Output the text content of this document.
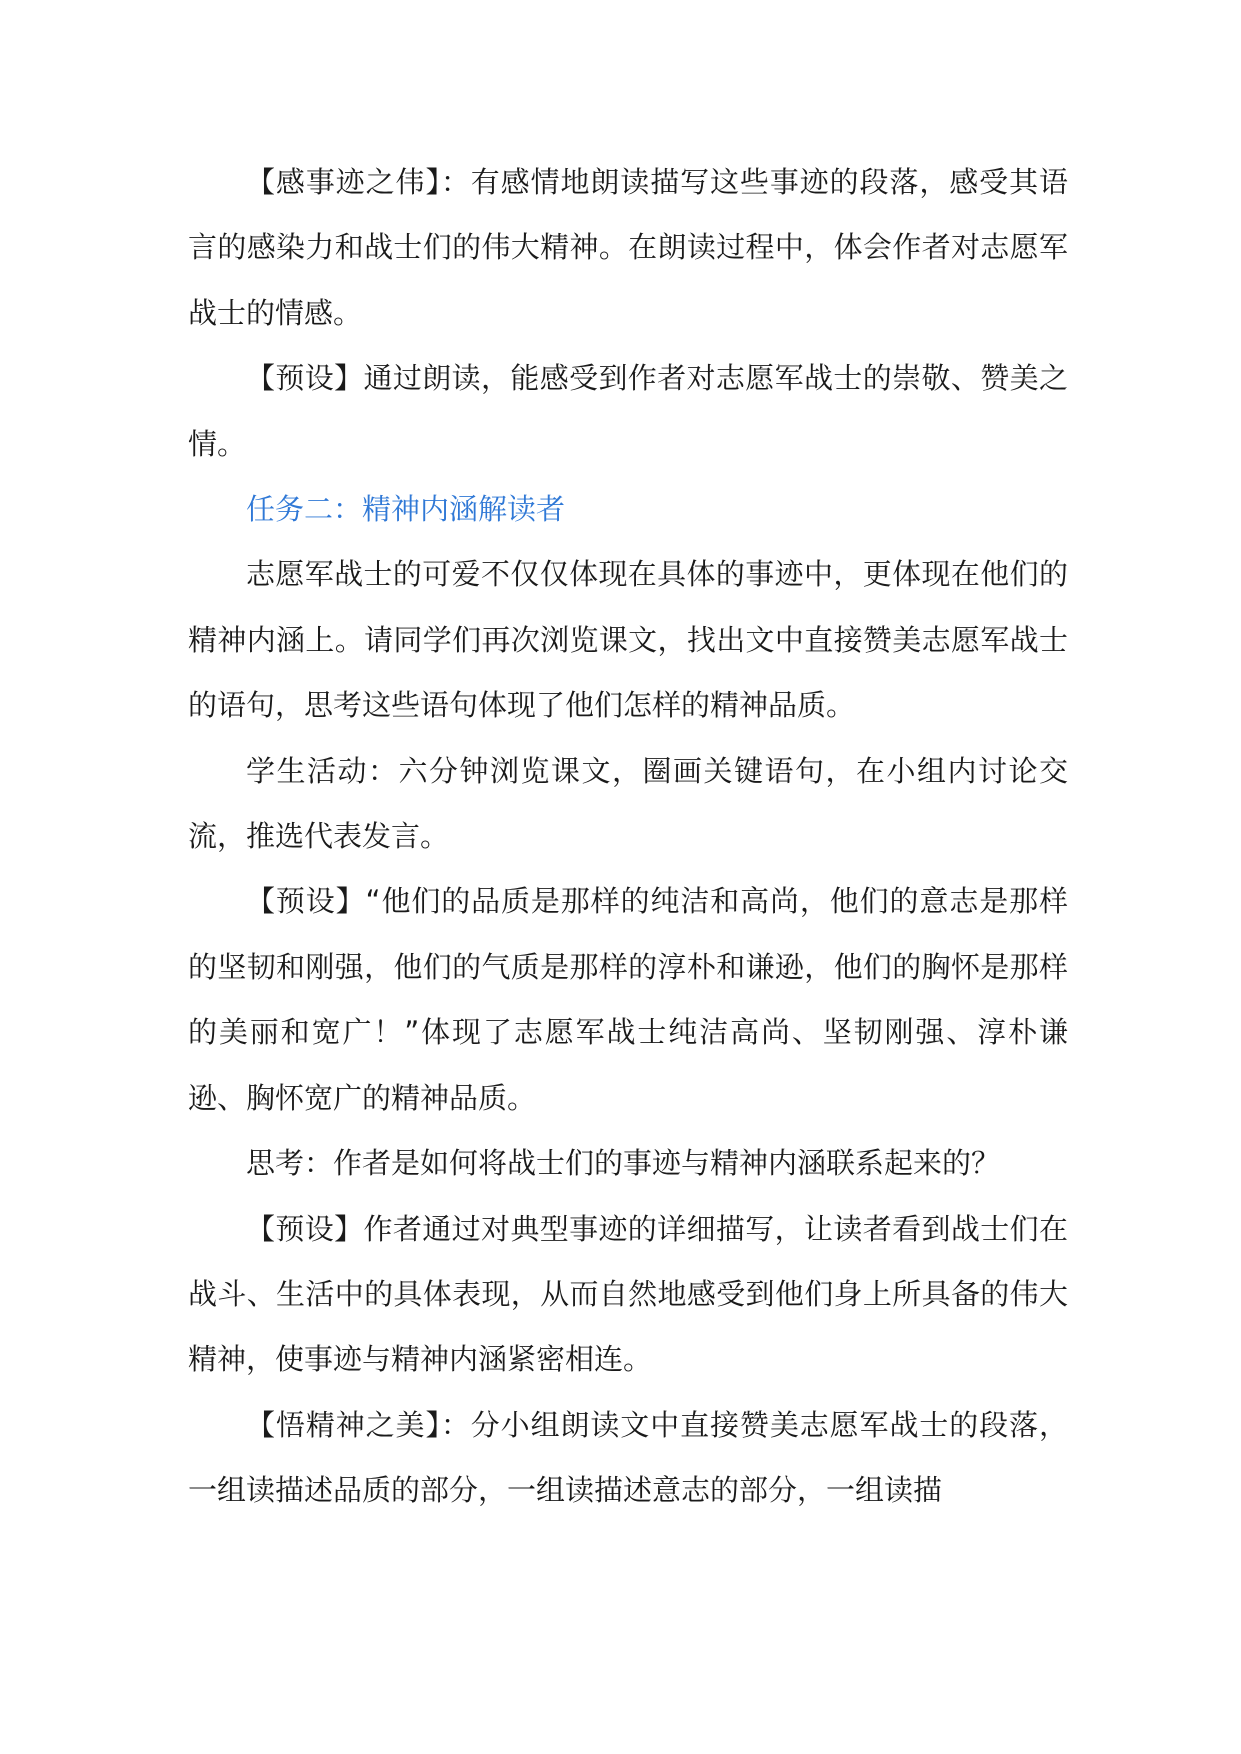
【感事迹之伟】：有感情地朗读描写这些事迹的段落，感受其语言的感染力和战士们的伟大精神。在朗读过程中，体会作者对志愿军战士的情感。

【预设】通过朗读，能感受到作者对志愿军战士的崇敬、赞美之情。

任务二：精神内涵解读者

志愿军战士的可爱不仅仅体现在具体的事迹中，更体现在他们的精神内涵上。请同学们再次浏览课文，找出文中直接赞美志愿军战士的语句，思考这些语句体现了他们怎样的精神品质。

学生活动：六分钟浏览课文，圈画关键语句，在小组内讨论交流，推选代表发言。

【预设】“他们的品质是那样的纯洁和高尚，他们的意志是那样的坚韧和刚强，他们的气质是那样的淳朴和谦逊，他们的胸怀是那样的美丽和宽广！”体现了志愿军战士纯洁高尚、坚韧刚强、淳朴谦逊、胸怀宽广的精神品质。

思考：作者是如何将战士们的事迹与精神内涵联系起来的？

【预设】作者通过对典型事迹的详细描写，让读者看到战士们在战斗、生活中的具体表现，从而自然地感受到他们身上所具备的伟大精神，使事迹与精神内涵紧密相连。

【悟精神之美】：分小组朗读文中直接赞美志愿军战士的段落，一组读描述品质的部分，一组读描述意志的部分，一组读描
